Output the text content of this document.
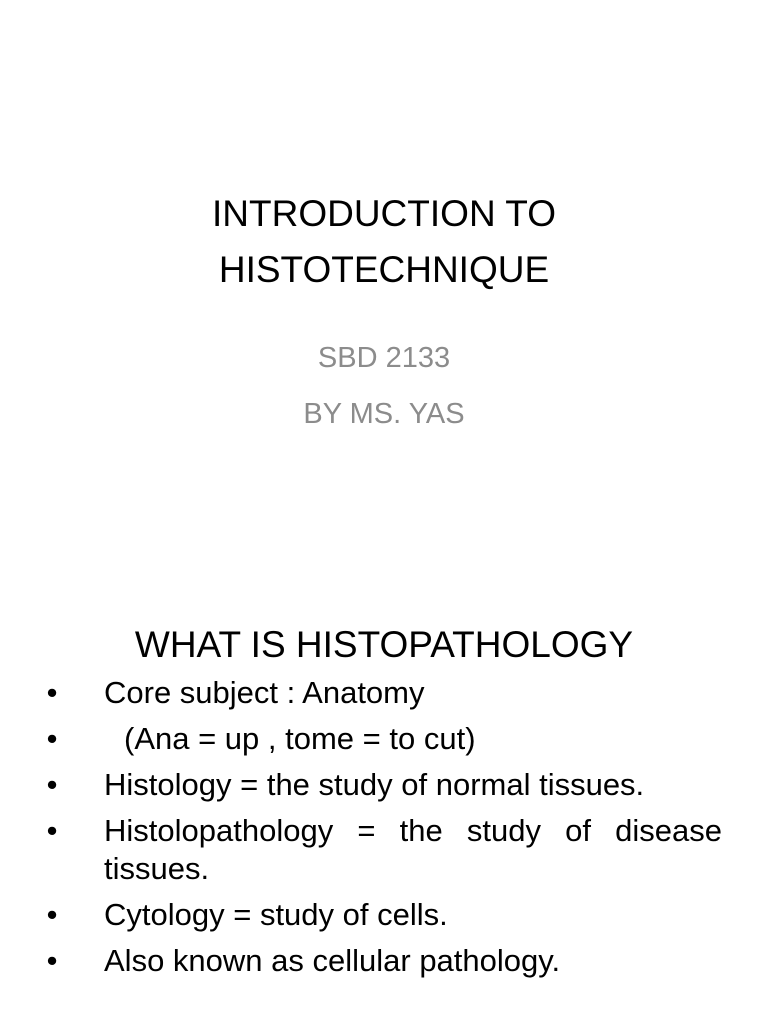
INTRODUCTION TO
HISTOTECHNIQUE
SBD 2133
BY MS. YAS
WHAT IS HISTOPATHOLOGY
• Core subject : Anatomy
• (Ana = up , tome = to cut)
• Histology = the study of normal tissues.
• Histolopathology = the study of disease tissues.
• Cytology = study of cells.
• Also known as cellular pathology.
